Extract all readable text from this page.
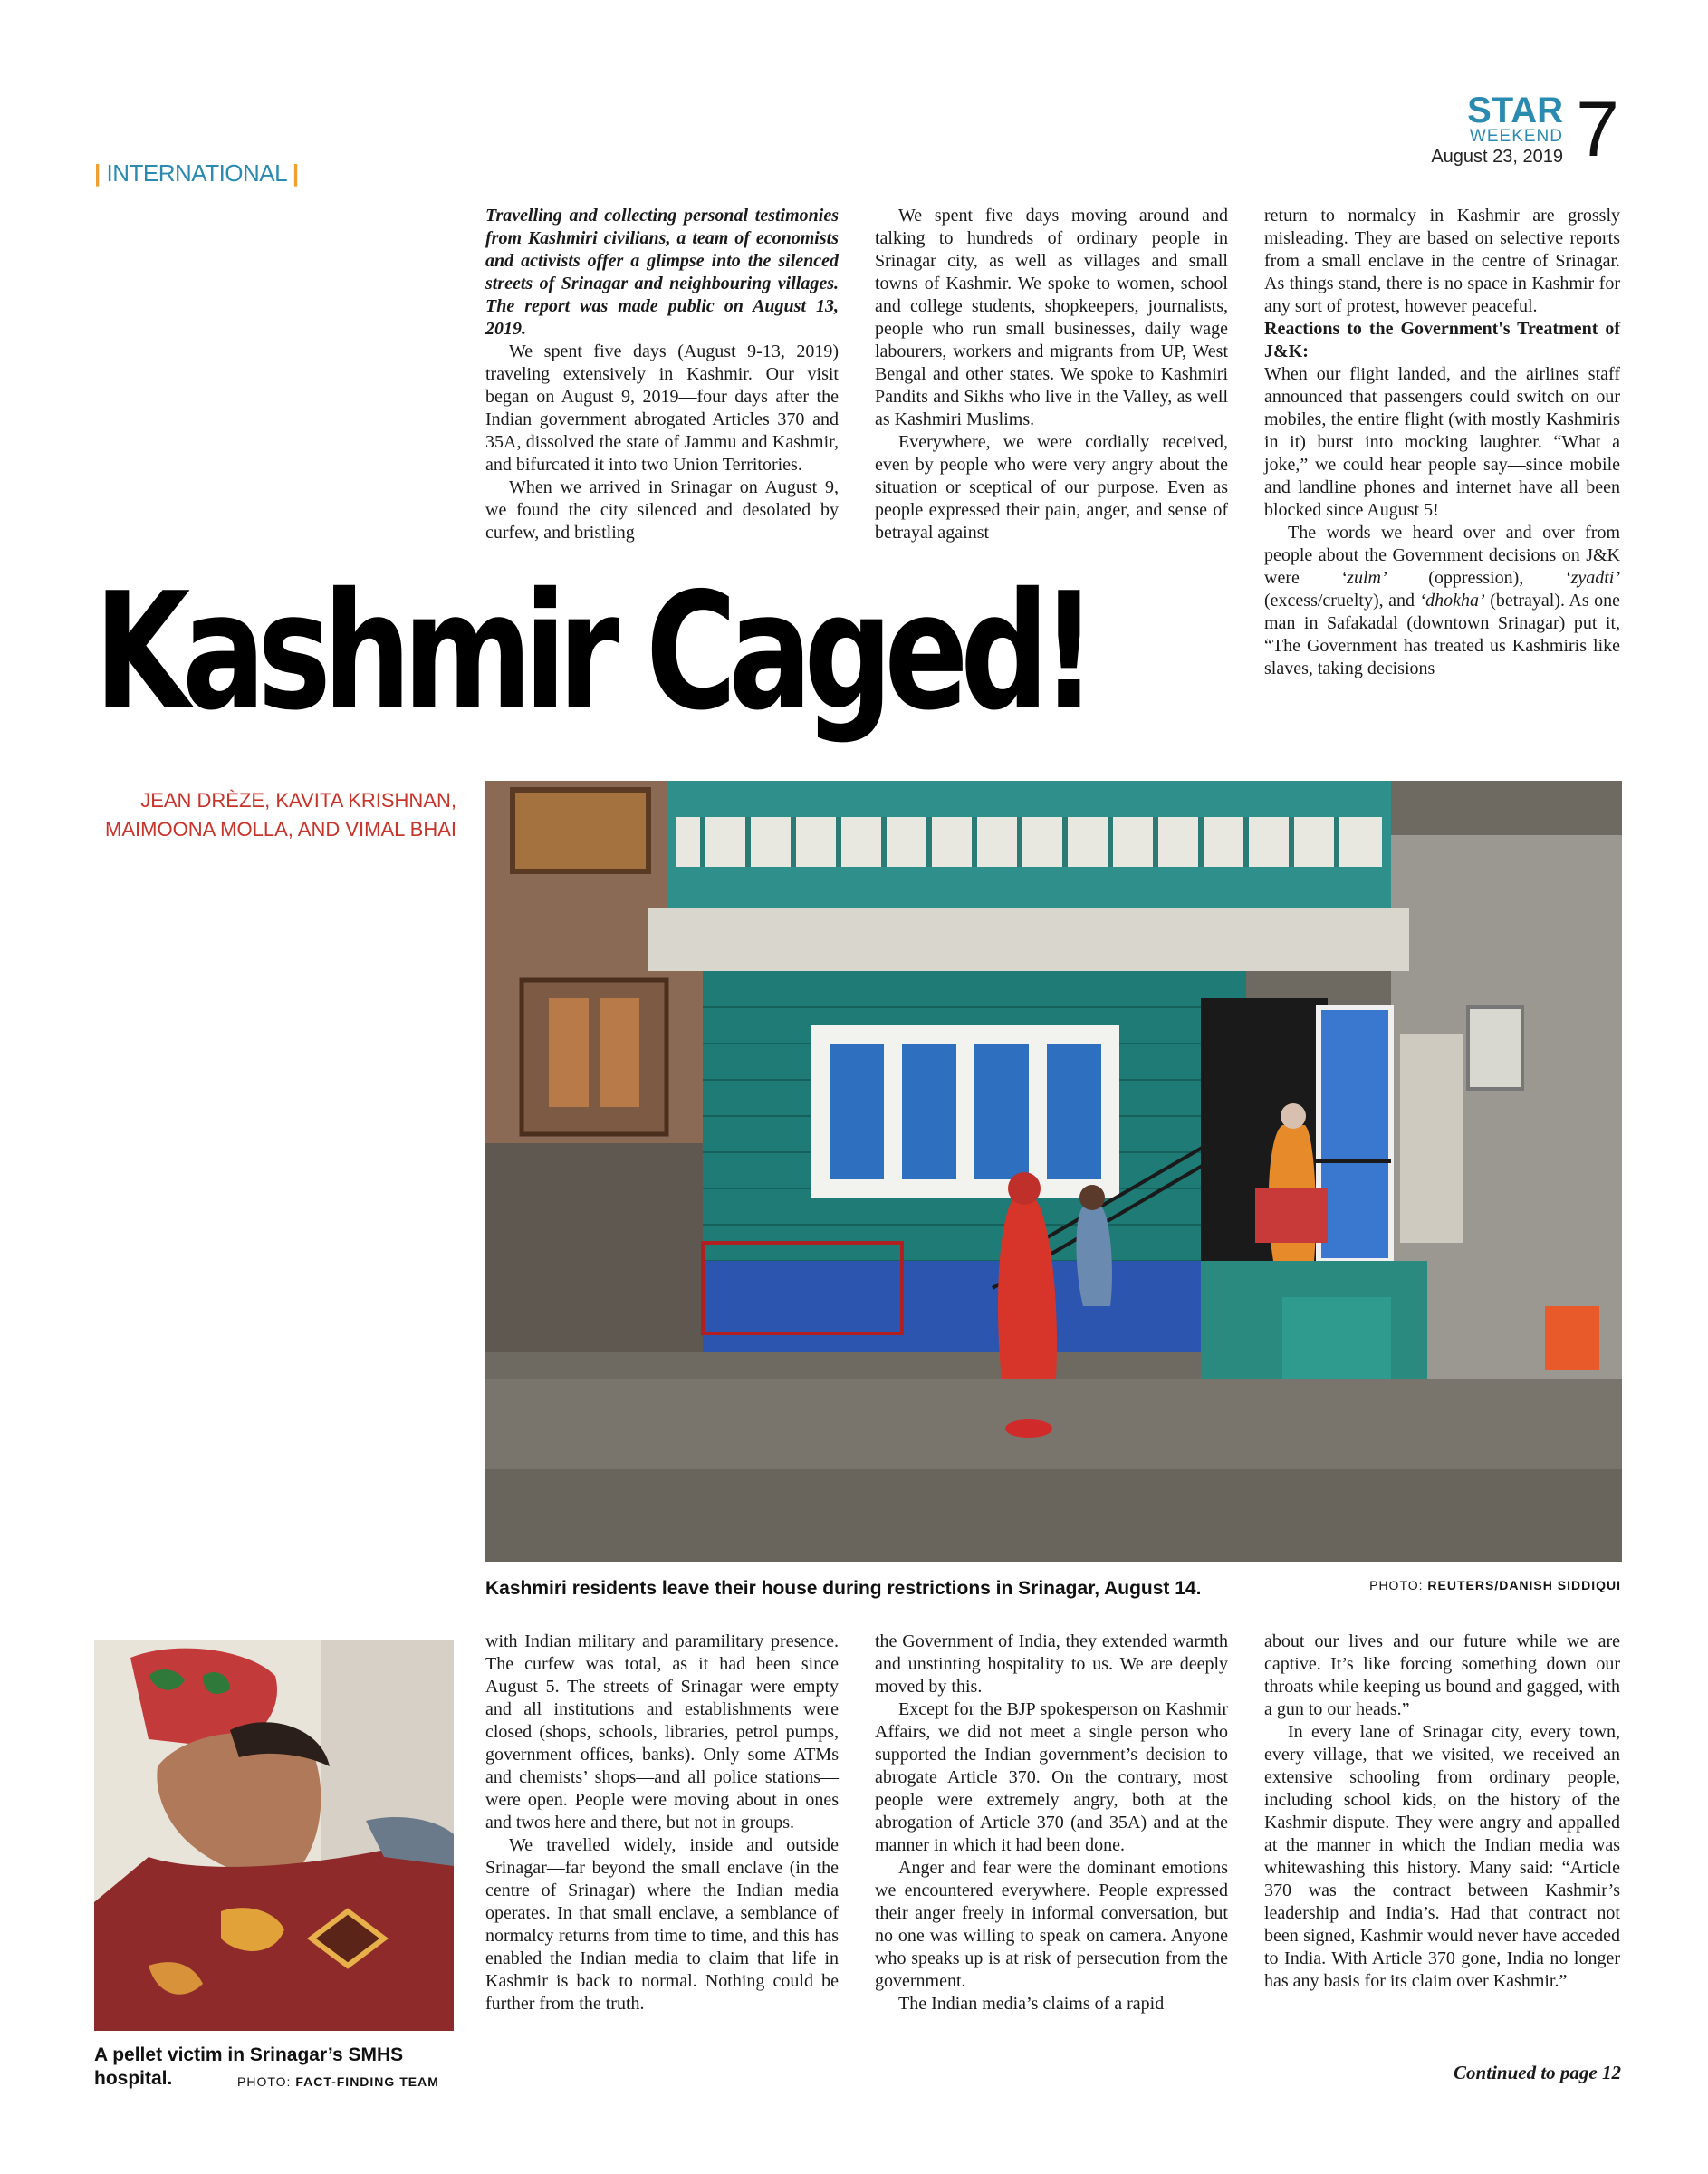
| INTERNATIONAL |
STAR
WEEKEND
August 23, 2019 7

Travelling and collecting personal testimonies from Kashmiri civilians, a team of economists and activists offer a glimpse into the silenced streets of Srinagar and neighbouring villages. The report was made public on August 13, 2019.

We spent five days (August 9-13, 2019) traveling extensively in Kashmir. Our visit began on August 9, 2019—four days after the Indian government abrogated Articles 370 and 35A, dissolved the state of Jammu and Kashmir, and bifurcated it into two Union Territories.

When we arrived in Srinagar on August 9, we found the city silenced and desolated by curfew, and bristling

We spent five days moving around and talking to hundreds of ordinary people in Srinagar city, as well as villages and small towns of Kashmir. We spoke to women, school and college students, shopkeepers, journalists, people who run small businesses, daily wage labourers, workers and migrants from UP, West Bengal and other states. We spoke to Kashmiri Pandits and Sikhs who live in the Valley, as well as Kashmiri Muslims.

Everywhere, we were cordially received, even by people who were very angry about the situation or sceptical of our purpose. Even as people expressed their pain, anger, and sense of betrayal against

return to normalcy in Kashmir are grossly misleading. They are based on selective reports from a small enclave in the centre of Srinagar. As things stand, there is no space in Kashmir for any sort of protest, however peaceful.

Reactions to the Government's Treatment of J&K:

When our flight landed, and the airlines staff announced that passengers could switch on our mobiles, the entire flight (with mostly Kashmiris in it) burst into mocking laughter. “What a joke,” we could hear people say—since mobile and landline phones and internet have all been blocked since August 5!

The words we heard over and over from people about the Government decisions on J&K were ‘zulm’ (oppression), ‘zyadti’ (excess/cruelty), and ‘dhokha’ (betrayal). As one man in Safakadal (downtown Srinagar) put it, “The Government has treated us Kashmiris like slaves, taking decisions

Kashmir Caged!
JEAN DRÈZE, KAVITA KRISHNAN,
MAIMOONA MOLLA, AND VIMAL BHAI
Kashmiri residents leave their house during restrictions in Srinagar, August 14.	PHOTO: REUTERS/DANISH SIDDIQUI
A pellet victim in Srinagar’s SMHS
hospital.	PHOTO: FACT-FINDING TEAM

with Indian military and paramilitary presence. The curfew was total, as it had been since August 5. The streets of Srinagar were empty and all institutions and establishments were closed (shops, schools, libraries, petrol pumps, government offices, banks). Only some ATMs and chemists’ shops—and all police stations—were open. People were moving about in ones and twos here and there, but not in groups.

We travelled widely, inside and outside Srinagar—far beyond the small enclave (in the centre of Srinagar) where the Indian media operates. In that small enclave, a semblance of normalcy returns from time to time, and this has enabled the Indian media to claim that life in Kashmir is back to normal. Nothing could be further from the truth.

the Government of India, they extended warmth and unstinting hospitality to us. We are deeply moved by this.

Except for the BJP spokesperson on Kashmir Affairs, we did not meet a single person who supported the Indian government’s decision to abrogate Article 370. On the contrary, most people were extremely angry, both at the abrogation of Article 370 (and 35A) and at the manner in which it had been done.

Anger and fear were the dominant emotions we encountered everywhere. People expressed their anger freely in informal conversation, but no one was willing to speak on camera. Anyone who speaks up is at risk of persecution from the government.

The Indian media’s claims of a rapid

about our lives and our future while we are captive. It’s like forcing something down our throats while keeping us bound and gagged, with a gun to our heads.”

In every lane of Srinagar city, every town, every village, that we visited, we received an extensive schooling from ordinary people, including school kids, on the history of the Kashmir dispute. They were angry and appalled at the manner in which the Indian media was whitewashing this history. Many said: “Article 370 was the contract between Kashmir’s leadership and India’s. Had that contract not been signed, Kashmir would never have acceded to India. With Article 370 gone, India no longer has any basis for its claim over Kashmir.”

Continued to page 12
